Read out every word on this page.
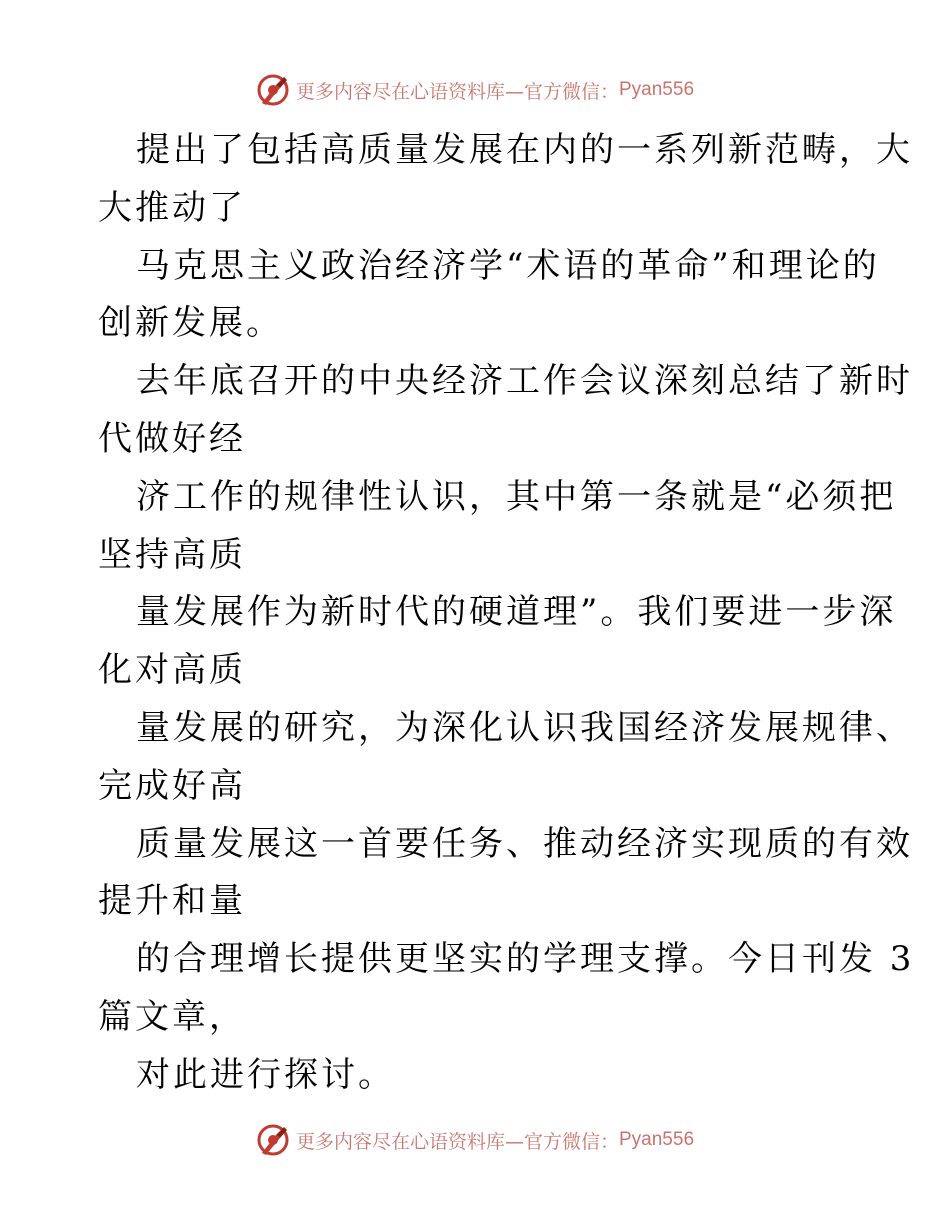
更多内容尽在心语资料库—官方微信： Pyan556
提出了包括高质量发展在内的一系列新范畴，大
大推动了
马克思主义政治经济学“术语的革命”和理论的
创新发展。
去年底召开的中央经济工作会议深刻总结了新时
代做好经
济工作的规律性认识，其中第一条就是“必须把
坚持高质
量发展作为新时代的硬道理”。我们要进一步深
化对高质
量发展的研究，为深化认识我国经济发展规律、
完成好高
质量发展这一首要任务、推动经济实现质的有效
提升和量
的合理增长提供更坚实的学理支撑。今日刊发 3
篇文章，
对此进行探讨。
更多内容尽在心语资料库—官方微信： Pyan556
